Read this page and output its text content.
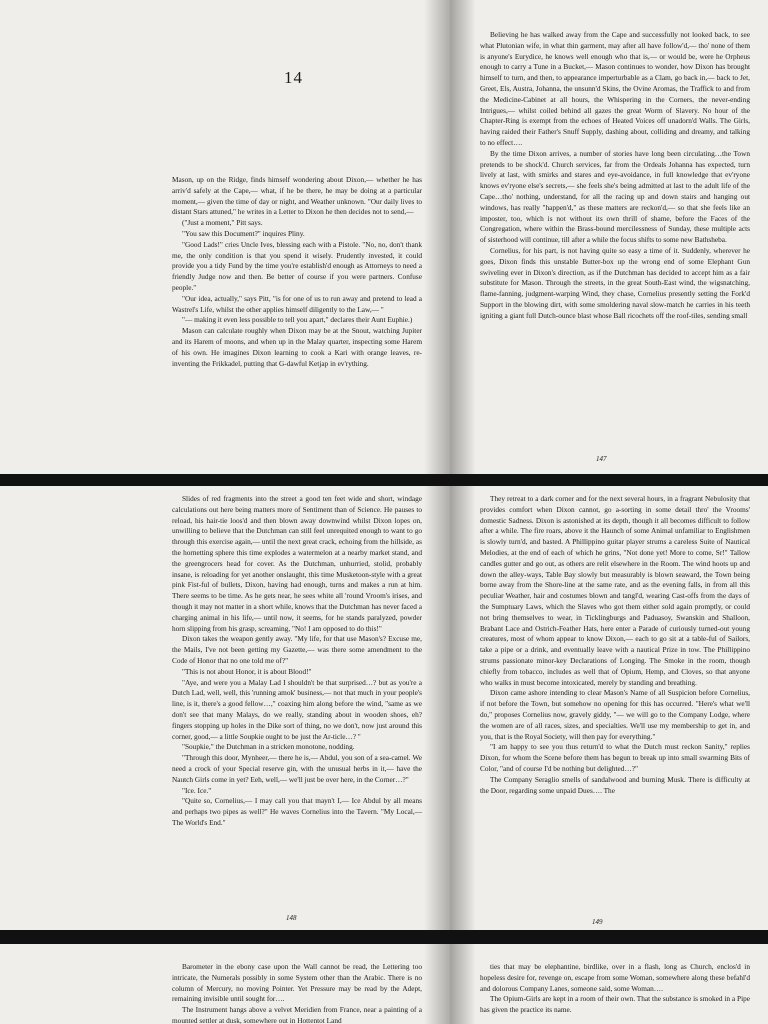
14

Mason, up on the Ridge, finds himself wondering about Dixon,— whether he has arriv'd safely at the Cape,— what, if he be there, he may be doing at a particular moment,— given the time of day or night, and Weather unknown. "Our daily lives to distant Stars attuned," he writes in a Letter to Dixon he then decides not to send,—

("Just a moment," Pitt says.

"You saw this Document?" inquires Pliny.

"Good Lads!" cries Uncle Ives, blessing each with a Pistole. "No, no, don't thank me, the only condition is that you spend it wisely. Prudently invested, it could provide you a tidy Fund by the time you're establish'd enough as Attorneys to need a friendly Judge now and then. Be better of course if you were partners. Confuse people."

"Our idea, actually," says Pitt, "is for one of us to run away and pretend to lead a Wastrel's Life, whilst the other applies himself diligently to the Law,— "

"— making it even less possible to tell you apart," declares their Aunt Euphie.)

Mason can calculate roughly when Dixon may be at the Snout, watching Jupiter and its Harem of moons, and when up in the Malay quarter, inspecting some Harem of his own. He imagines Dixon learning to cook a Kari with orange leaves, re-inventing the Frikkadel, putting that G-dawful Ketjap in ev'rything.

Believing he has walked away from the Cape and successfully not looked back, to see what Plutonian wife, in what thin garment, may after all have follow'd,— tho' none of them is anyone's Eurydice, he knows well enough who that is,— or would be, were he Orpheus enough to carry a Tune in a Bucket,— Mason continues to wonder, how Dixon has brought himself to turn, and then, to appearance imperturbable as a Clam, go back in,— back to Jet, Greet, Els, Austra, Johanna, the unsunn'd Skins, the Ovine Aromas, the Traffick to and from the Medicine-Cabinet at all hours, the Whispering in the Corners, the never-ending Intrigues,— whilst coiled behind all gazes the great Worm of Slavery. No hour of the Chapter-Ring is exempt from the echoes of Heated Voices off unadorn'd Walls. The Girls, having raided their Father's Snuff Supply, dashing about, colliding and dreamy, and talking to no effect….

By the time Dixon arrives, a number of stories have long been circulating…the Town pretends to be shock'd. Church services, far from the Ordeals Johanna has expected, turn lively at last, with smirks and stares and eye-avoidance, in full knowledge that ev'ryone knows ev'ryone else's secrets,— she feels she's being admitted at last to the adult life of the Cape…tho' nothing, understand, for all the racing up and down stairs and hanging out windows, has really "happen'd," as these matters are reckon'd,— so that she feels like an imposter, too, which is not without its own thrill of shame, before the Faces of the Congregation, where within the Brass-bound mercilessness of Sunday, these multiple acts of sisterhood will continue, till after a while the focus shifts to some new Bathsheba.

Cornelius, for his part, is not having quite so easy a time of it. Suddenly, wherever he goes, Dixon finds this unstable Butter-box up the wrong end of some Elephant Gun swiveling ever in Dixon's direction, as if the Dutchman has decided to accept him as a fair substitute for Mason. Through the streets, in the great South-East wind, the wigsnatching, flame-fanning, judgment-warping Wind, they chase, Cornelius presently setting the Fork'd Support in the blowing dirt, with some smoldering naval slow-match he carries in his teeth igniting a giant full Dutch-ounce blast whose Ball ricochets off the roof-tiles, sending small

147

Slides of red fragments into the street a good ten feet wide and short, windage calculations out here being matters more of Sentiment than of Science. He pauses to reload, his hair-tie loos'd and then blown away downwind whilst Dixon lopes on, unwilling to believe that the Dutchman can still feel unrequited enough to want to go through this exercise again,— until the next great crack, echoing from the hillside, as the hornetting sphere this time explodes a watermelon at a nearby market stand, and the greengrocers head for cover. As the Dutchman, unhurried, stolid, probably insane, is reloading for yet another onslaught, this time Musketoon-style with a great pink Fist-ful of bullets, Dixon, having had enough, turns and makes a run at him. There seems to be time. As he gets near, he sees white all 'round Vroom's irises, and though it may not matter in a short while, knows that the Dutchman has never faced a charging animal in his life,— until now, it seems, for he stands paralyzed, powder horn slipping from his grasp, screaming, "No! I am opposed to do this!"

Dixon takes the weapon gently away. "My life, for that use Mason's? Excuse me, the Mails, I've not been getting my Gazette,— was there some amendment to the Code of Honor that no one told me of?"

"This is not about Honor, it is about Blood!"

"Aye, and were you a Malay Lad I shouldn't be that surprised…? but as you're a Dutch Lad, well, well, this 'running amok' business,— not that much in your people's line, is it, there's a good fellow…," coaxing him along before the wind, "same as we don't see that many Malays, do we really, standing about in wooden shoes, eh? fingers stopping up holes in the Dike sort of thing, no we don't, now just around this corner, good,— a little Soupkie ought to be just the Ar-ticle…? "

"Soupkie," the Dutchman in a stricken monotone, nodding.

"Through this door, Mynheer,— there he is,— Abdul, you son of a sea-camel. We need a crock of your Special reserve gin, with the unusual herbs in it,— have the Nautch Girls come in yet? Eeh, well,— we'll just be over here, in the Corner…?"

"Ice. Ice."

"Quite so, Cornelius,— I may call you that mayn't I,— Ice Abdul by all means and perhaps two pipes as well?" He waves Cornelius into the Tavern. "My Local,— The World's End."

148

They retreat to a dark corner and for the next several hours, in a fragrant Nebulosity that provides comfort when Dixon cannot, go a-sorting in some detail thro' the Vrooms' domestic Sadness. Dixon is astonished at its depth, though it all becomes difficult to follow after a while. The fire roars, above it the Haunch of some Animal unfamiliar to Englishmen is slowly turn'd, and basted. A Phillippino guitar player strums a careless Suite of Nautical Melodies, at the end of each of which he grins, "Not done yet! More to come, Sr!" Tallow candles gutter and go out, as others are relit elsewhere in the Room. The wind hoots up and down the alley-ways, Table Bay slowly but measurably is blown seaward, the Town being borne away from the Shore-line at the same rate, and as the evening falls, in from all this peculiar Weather, hair and costumes blown and tangl'd, wearing Cast-offs from the days of the Sumptuary Laws, which the Slaves who got them either sold again promptly, or could not bring themselves to wear, in Ticklingburgs and Paduasoy, Swanskin and Shalloon, Brabant Lace and Ostrich-Feather Hats, here enter a Parade of curiously turned-out young creatures, most of whom appear to know Dixon,— each to go sit at a table-ful of Sailors, take a pipe or a drink, and eventually leave with a nautical Prize in tow. The Phillippino strums passionate minor-key Declarations of Longing. The Smoke in the room, though chiefly from tobacco, includes as well that of Opium, Hemp, and Cloves, so that anyone who walks in must become intoxicated, merely by standing and breathing.

Dixon came ashore intending to clear Mason's Name of all Suspicion before Cornelius, if not before the Town, but somehow no opening for this has occurred. "Here's what we'll do," proposes Cornelius now, gravely giddy, "— we will go to the Company Lodge, where the women are of all races, sizes, and specialties. We'll use my membership to get in, and you, that is the Royal Society, will then pay for everything."

"I am happy to see you thus return'd to what the Dutch must reckon Sanity," replies Dixon, for whom the Scene before them has begun to break up into small swarming Bits of Color, "and of course I'd be nothing but delighted…?"

The Company Seraglio smells of sandalwood and burning Musk. There is difficulty at the Door, regarding some unpaid Dues…. The

149

Barometer in the ebony case upon the Wall cannot be read, the Lettering too intricate, the Numerals possibly in some System other than the Arabic. There is no column of Mercury, no moving Pointer. Yet Pressure may be read by the Adept, remaining invisible until sought for….

The Instrument hangs above a velvet Meridien from France, near a painting of a mounted settler at dusk, somewhere out in Hottentot Land

ties that may be elephantine, birdlike, over in a flash, long as Church, enclos'd in hopeless desire for, revenge on, escape from some Woman, somewhere along these befahl'd and dolorous Company Lanes, someone said, some Woman….

The Opium-Girls are kept in a room of their own. That the substance is smoked in a Pipe has given the practice its name.
